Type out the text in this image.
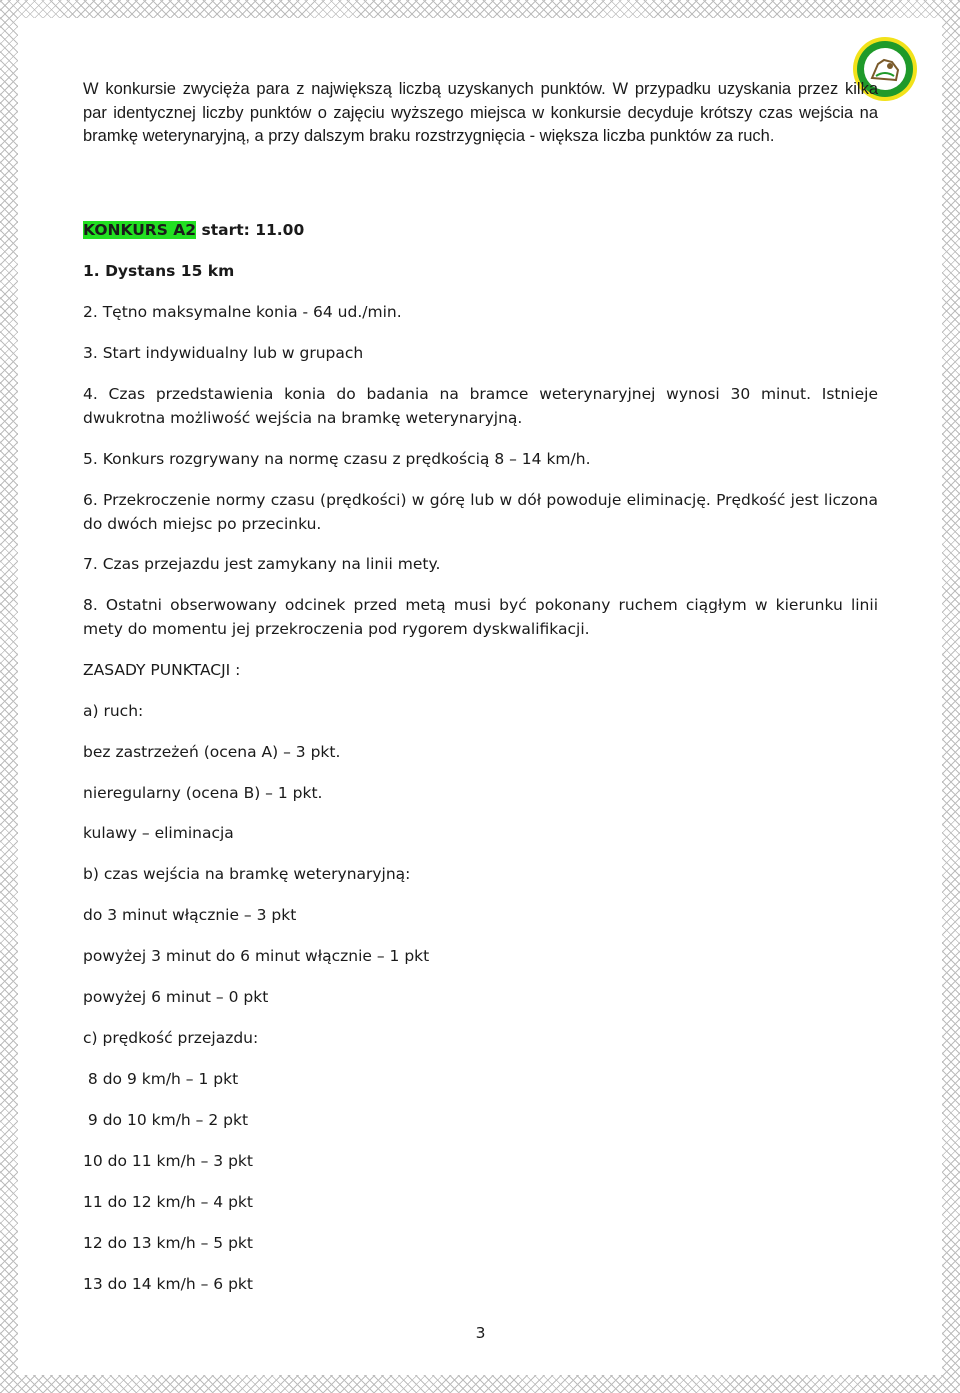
W konkursie zwycięża para z największą liczbą uzyskanych punktów. W przypadku uzyskania przez kilka par identycznej liczby punktów o zajęciu wyższego miejsca w konkursie decyduje krótszy czas wejścia na bramkę weterynaryjną, a przy dalszym braku rozstrzygnięcia - większa liczba punktów za ruch.
KONKURS A2 start: 11.00
1. Dystans 15 km
2. Tętno maksymalne konia - 64 ud./min.
3. Start indywidualny lub w grupach
4. Czas przedstawienia konia do badania na bramce weterynaryjnej wynosi 30 minut. Istnieje dwukrotna możliwość wejścia na bramkę weterynaryjną.
5. Konkurs rozgrywany na normę czasu z prędkością 8 – 14 km/h.
6. Przekroczenie normy czasu (prędkości) w górę lub w dół powoduje eliminację. Prędkość jest liczona do dwóch miejsc po przecinku.
7. Czas przejazdu jest zamykany na linii mety.
8. Ostatni obserwowany odcinek przed metą musi być pokonany ruchem ciągłym w kierunku linii mety do momentu jej przekroczenia pod rygorem dyskwalifikacji.
ZASADY PUNKTACJI :
a) ruch:
bez zastrzeżeń (ocena A) – 3 pkt.
nieregularny (ocena B) – 1 pkt.
kulawy – eliminacja
b) czas wejścia na bramkę weterynaryjną:
do 3 minut włącznie – 3 pkt
powyżej 3 minut do 6 minut włącznie – 1 pkt
powyżej 6 minut – 0 pkt
c) prędkość przejazdu:
8 do 9 km/h – 1 pkt
9 do 10 km/h – 2 pkt
10 do 11 km/h – 3 pkt
11 do 12 km/h – 4 pkt
12 do 13 km/h – 5 pkt
13 do 14 km/h – 6 pkt
3
